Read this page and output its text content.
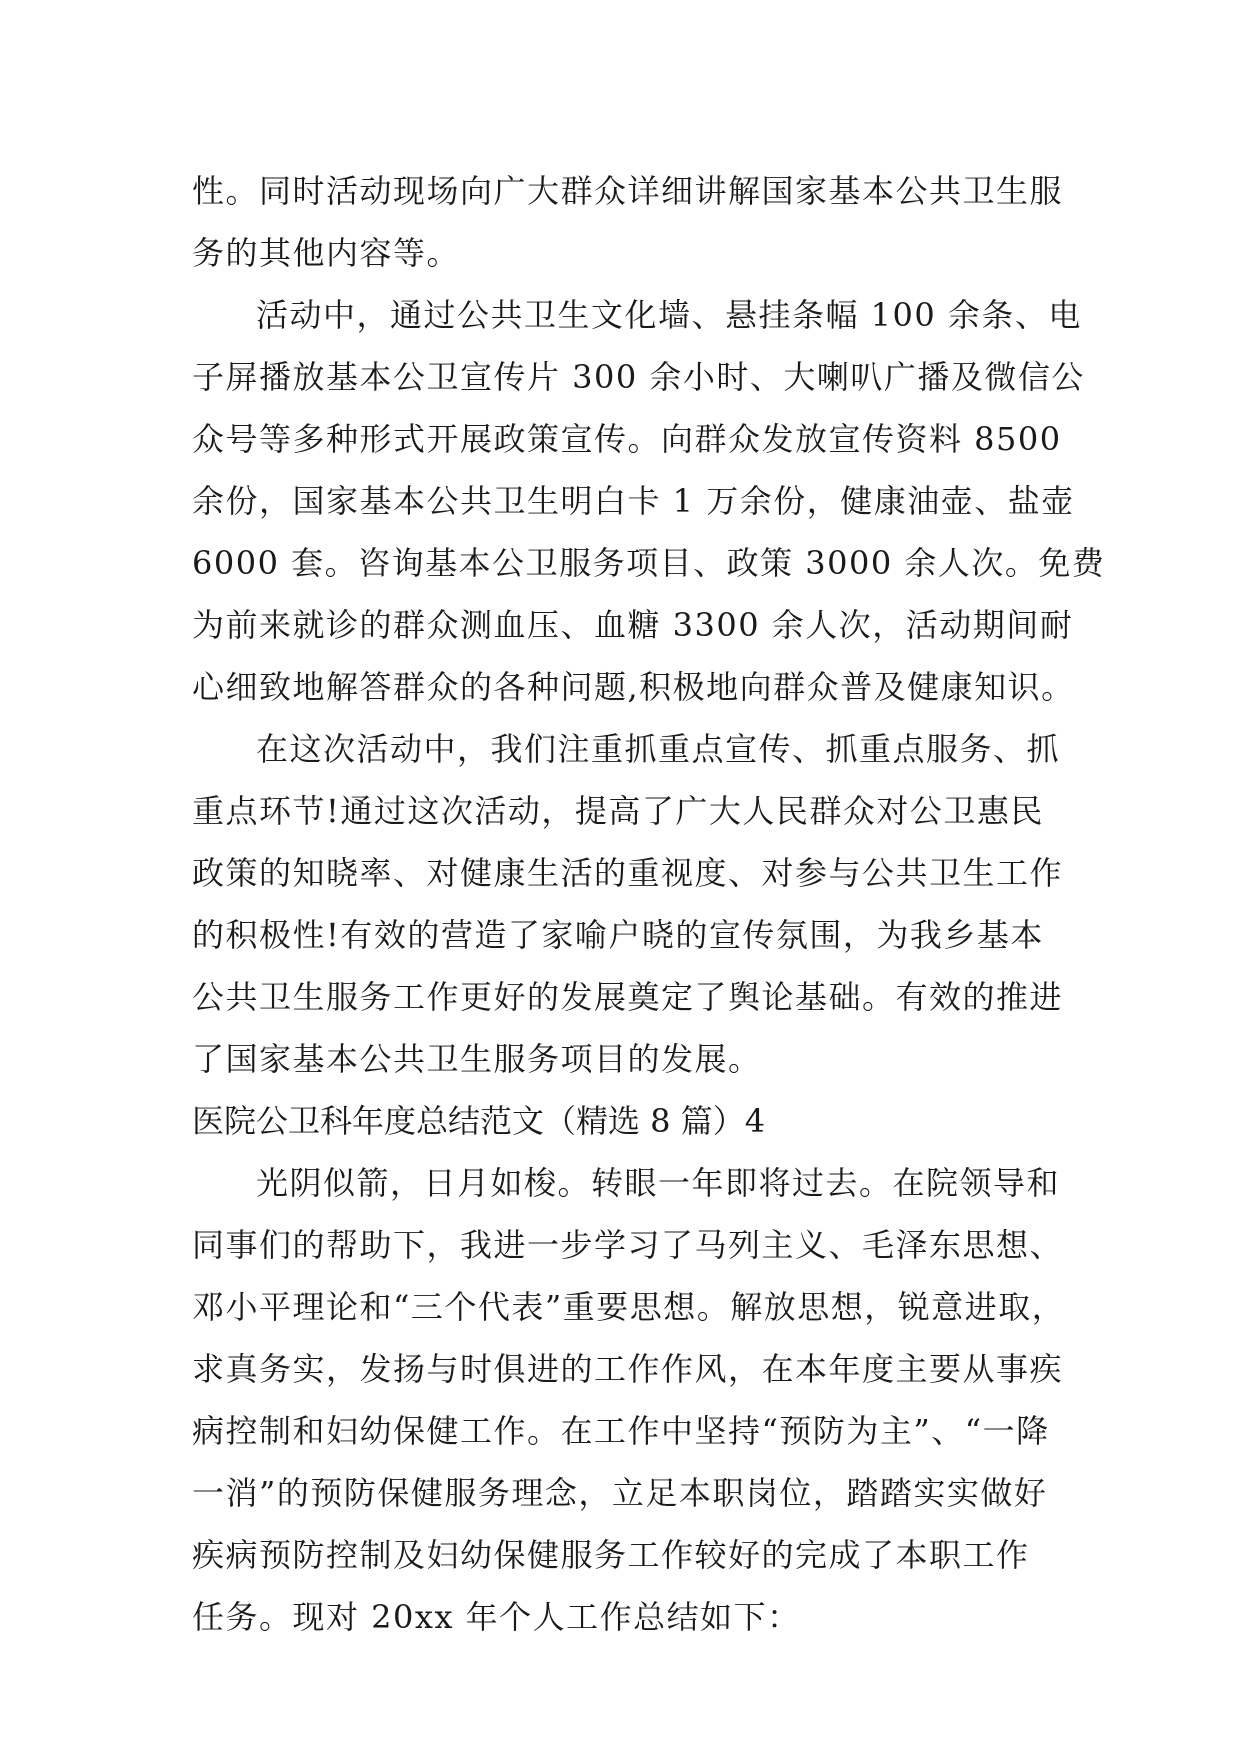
性。同时活动现场向广大群众详细讲解国家基本公共卫生服
务的其他内容等。
活动中，通过公共卫生文化墙、悬挂条幅 100 余条、电
子屏播放基本公卫宣传片 300 余小时、大喇叭广播及微信公
众号等多种形式开展政策宣传。向群众发放宣传资料 8500
余份，国家基本公共卫生明白卡 1 万余份，健康油壶、盐壶
6000 套。咨询基本公卫服务项目、政策 3000 余人次。免费
为前来就诊的群众测血压、血糖 3300 余人次，活动期间耐
心细致地解答群众的各种问题,积极地向群众普及健康知识。
在这次活动中，我们注重抓重点宣传、抓重点服务、抓
重点环节!通过这次活动，提高了广大人民群众对公卫惠民
政策的知晓率、对健康生活的重视度、对参与公共卫生工作
的积极性!有效的营造了家喻户晓的宣传氛围，为我乡基本
公共卫生服务工作更好的发展奠定了舆论基础。有效的推进
了国家基本公共卫生服务项目的发展。
医院公卫科年度总结范文（精选 8 篇）4
光阴似箭，日月如梭。转眼一年即将过去。在院领导和
同事们的帮助下，我进一步学习了马列主义、毛泽东思想、
邓小平理论和“三个代表”重要思想。解放思想，锐意进取，
求真务实，发扬与时俱进的工作作风，在本年度主要从事疾
病控制和妇幼保健工作。在工作中坚持“预防为主”、“一降
一消”的预防保健服务理念，立足本职岗位，踏踏实实做好
疾病预防控制及妇幼保健服务工作较好的完成了本职工作
任务。现对 20xx 年个人工作总结如下：
